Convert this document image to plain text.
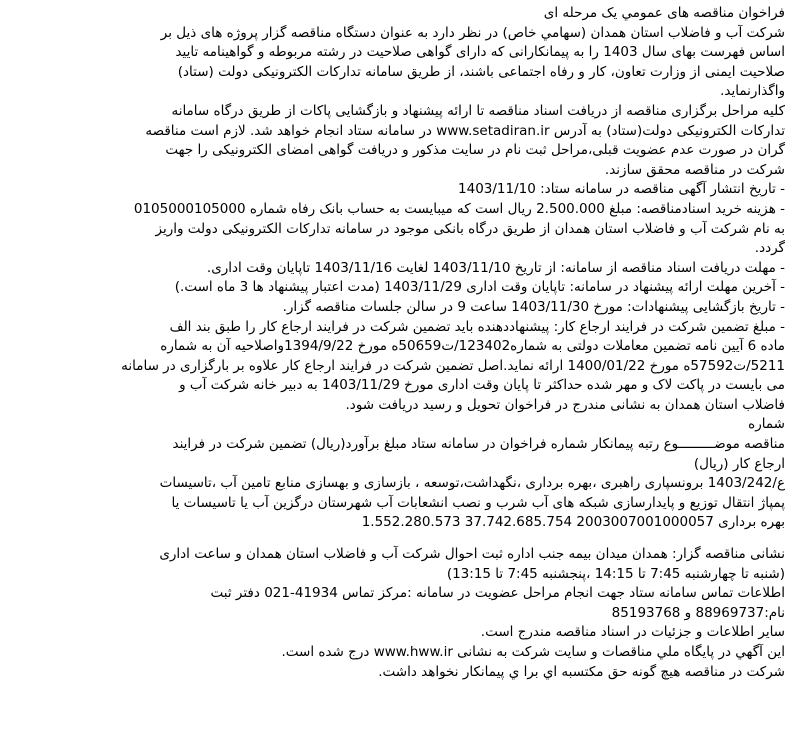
فراخوان مناقصه های عمومي یک مرحله ای
شرکت آب و فاضلاب استان همدان (سهامي خاص) در نظر دارد به عنوان دستگاه مناقصه گزار پروژه های ذیل بر
اساس فهرست بهای سال 1403 را به پیمانکارانی که دارای گواهی صلاحیت در رشته مربوطه و گواهینامه تایید
صلاحیت ایمنی از وزارت تعاون، کار و رفاه اجتماعی باشند، از طریق سامانه تدارکات الکترونیکی دولت (ستاد)
واگذارنماید.
کلیه مراحل برگزاری مناقصه از دریافت اسناد مناقصه تا ارائه پیشنهاد و بازگشایی پاکات از طریق درگاه سامانه
تدارکات الکترونیکی دولت(ستاد) به آدرس www.setadiran.ir در سامانه ستاد انجام خواهد شد. لازم است مناقصه
گران در صورت عدم عضویت قبلی،مراحل ثبت نام در سایت مذکور و دریافت گواهی امضای الکترونیکی را جهت
شرکت در مناقصه محقق سازند.
- تاریخ انتشار آگهی مناقصه در سامانه ستاد: 1403/11/10
- هزینه خرید اسنادمناقصه: مبلغ 2.500.000 ریال است که میبایست به حساب بانک رفاه شماره 0105000105000
به نام شرکت آب و فاضلاب استان همدان از طریق درگاه بانکی موجود در سامانه تدارکات الکترونیکی دولت واریز
گردد.
- مهلت دریافت اسناد مناقصه از سامانه: از تاریخ 1403/11/10 لغایت 1403/11/16 تاپایان وقت اداری.
- آخرین مهلت ارائه پیشنهاد در سامانه: تاپایان وقت اداری 1403/11/29 (مدت اعتبار پیشنهاد ها 3 ماه است.)
- تاریخ بازگشایی پیشنهادات: مورخ 1403/11/30 ساعت 9 در سالن جلسات مناقصه گزار.
- مبلغ تضمین شرکت در فرایند ارجاع کار: پیشنهاددهنده باید تضمین شرکت در فرایند ارجاع کار را طبق بند الف
ماده 6 آیین نامه تضمین معاملات دولتی به شماره123402/ت50659ه مورخ 1394/9/22واصلاحیه آن به شماره
5211/ت57592ه مورخ 1400/01/22 ارائه نماید.اصل تضمین شرکت در فرایند ارجاع کار علاوه بر بارگزاری در سامانه
می بایست در پاکت لاک و مهر شده حداکثر تا پایان وقت اداری مورخ 1403/11/29 به دبیر خانه شرکت آب و
فاضلاب استان همدان به نشانی مندرج در فراخوان تحویل و رسید دریافت شود.
شماره
مناقصه موضـــــــــوع رتبه پیمانکار شماره فراخوان در سامانه ستاد مبلغ برآورد(ریال) تضمین شرکت در فرایند
ارجاع کار (ریال)
ع/1403/242 برونسپاری راهبری ،بهره برداری ،نگهداشت،توسعه ، بازسازی و بهسازی منابع تامین آب ،تاسیسات
پمپاژ انتقال توزیع و پایدارسازی شبکه های آب شرب و نصب انشعابات آب شهرستان درگزین آب یا تاسیسات یا
بهره برداری 2003007001000057 37.742.685.754 1.552.280.573
نشانی مناقصه گزار: همدان میدان بیمه جنب اداره ثبت احوال شرکت آب و فاضلاب استان همدان و ساعت اداری
(شنبه تا چهارشنبه 7:45 تا 14:15 ،پنجشنبه 7:45 تا 13:15)
اطلاعات تماس سامانه ستاد جهت انجام مراحل عضویت در سامانه :مرکز تماس 41934-021 دفتر ثبت
نام:88969737 و 85193768
سایر اطلاعات و جزئیات در اسناد مناقصه مندرج است.
این آگهي در پایگاه ملي مناقصات و سایت شرکت به نشانی www.hww.ir درج شده است.
شرکت در مناقصه هیچ گونه حق مکتسبه اي برا ي پیمانکار نخواهد داشت.
